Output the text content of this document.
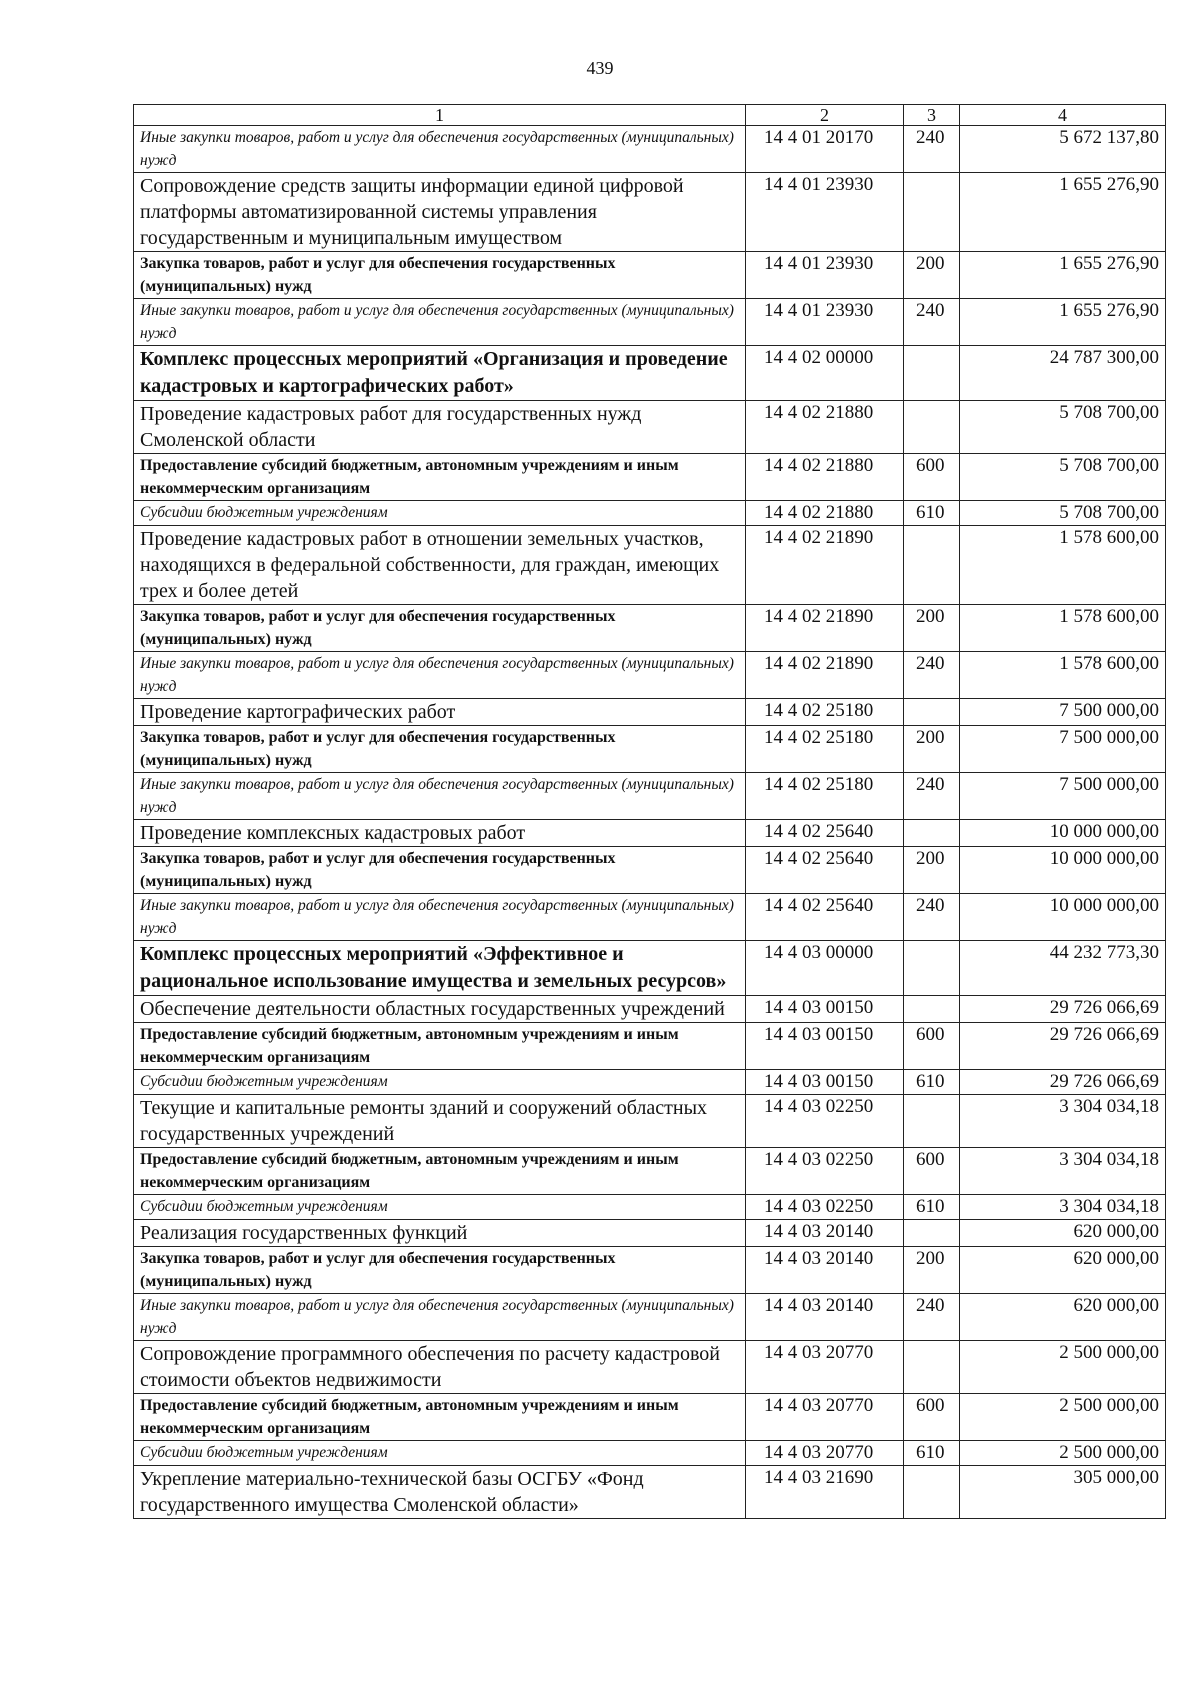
439
1	2	3	4
Иные закупки товаров, работ и услуг для обеспечения государственных (муниципальных) нужд	14 4 01 20170	240	5 672 137,80
Сопровождение средств защиты информации единой цифровой платформы автоматизированной системы управления государственным и муниципальным имуществом	14 4 01 23930		1 655 276,90
Закупка товаров, работ и услуг для обеспечения государственных (муниципальных) нужд	14 4 01 23930	200	1 655 276,90
Иные закупки товаров, работ и услуг для обеспечения государственных (муниципальных) нужд	14 4 01 23930	240	1 655 276,90
Комплекс процессных мероприятий «Организация и проведение кадастровых и картографических работ»	14 4 02 00000		24 787 300,00
Проведение кадастровых работ для государственных нужд Смоленской области	14 4 02 21880		5 708 700,00
Предоставление субсидий бюджетным, автономным учреждениям и иным некоммерческим организациям	14 4 02 21880	600	5 708 700,00
Субсидии бюджетным учреждениям	14 4 02 21880	610	5 708 700,00
Проведение кадастровых работ в отношении земельных участков, находящихся в федеральной собственности, для граждан, имеющих трех и более детей	14 4 02 21890		1 578 600,00
Закупка товаров, работ и услуг для обеспечения государственных (муниципальных) нужд	14 4 02 21890	200	1 578 600,00
Иные закупки товаров, работ и услуг для обеспечения государственных (муниципальных) нужд	14 4 02 21890	240	1 578 600,00
Проведение картографических работ	14 4 02 25180		7 500 000,00
Закупка товаров, работ и услуг для обеспечения государственных (муниципальных) нужд	14 4 02 25180	200	7 500 000,00
Иные закупки товаров, работ и услуг для обеспечения государственных (муниципальных) нужд	14 4 02 25180	240	7 500 000,00
Проведение комплексных кадастровых работ	14 4 02 25640		10 000 000,00
Закупка товаров, работ и услуг для обеспечения государственных (муниципальных) нужд	14 4 02 25640	200	10 000 000,00
Иные закупки товаров, работ и услуг для обеспечения государственных (муниципальных) нужд	14 4 02 25640	240	10 000 000,00
Комплекс процессных мероприятий «Эффективное и рациональное использование имущества и земельных ресурсов»	14 4 03 00000		44 232 773,30
Обеспечение деятельности областных государственных учреждений	14 4 03 00150		29 726 066,69
Предоставление субсидий бюджетным, автономным учреждениям и иным некоммерческим организациям	14 4 03 00150	600	29 726 066,69
Субсидии бюджетным учреждениям	14 4 03 00150	610	29 726 066,69
Текущие и капитальные ремонты зданий и сооружений областных государственных учреждений	14 4 03 02250		3 304 034,18
Предоставление субсидий бюджетным, автономным учреждениям и иным некоммерческим организациям	14 4 03 02250	600	3 304 034,18
Субсидии бюджетным учреждениям	14 4 03 02250	610	3 304 034,18
Реализация государственных функций	14 4 03 20140		620 000,00
Закупка товаров, работ и услуг для обеспечения государственных (муниципальных) нужд	14 4 03 20140	200	620 000,00
Иные закупки товаров, работ и услуг для обеспечения государственных (муниципальных) нужд	14 4 03 20140	240	620 000,00
Сопровождение программного обеспечения по расчету кадастровой стоимости объектов недвижимости	14 4 03 20770		2 500 000,00
Предоставление субсидий бюджетным, автономным учреждениям и иным некоммерческим организациям	14 4 03 20770	600	2 500 000,00
Субсидии бюджетным учреждениям	14 4 03 20770	610	2 500 000,00
Укрепление материально-технической базы ОСГБУ «Фонд государственного имущества Смоленской области»	14 4 03 21690		305 000,00
